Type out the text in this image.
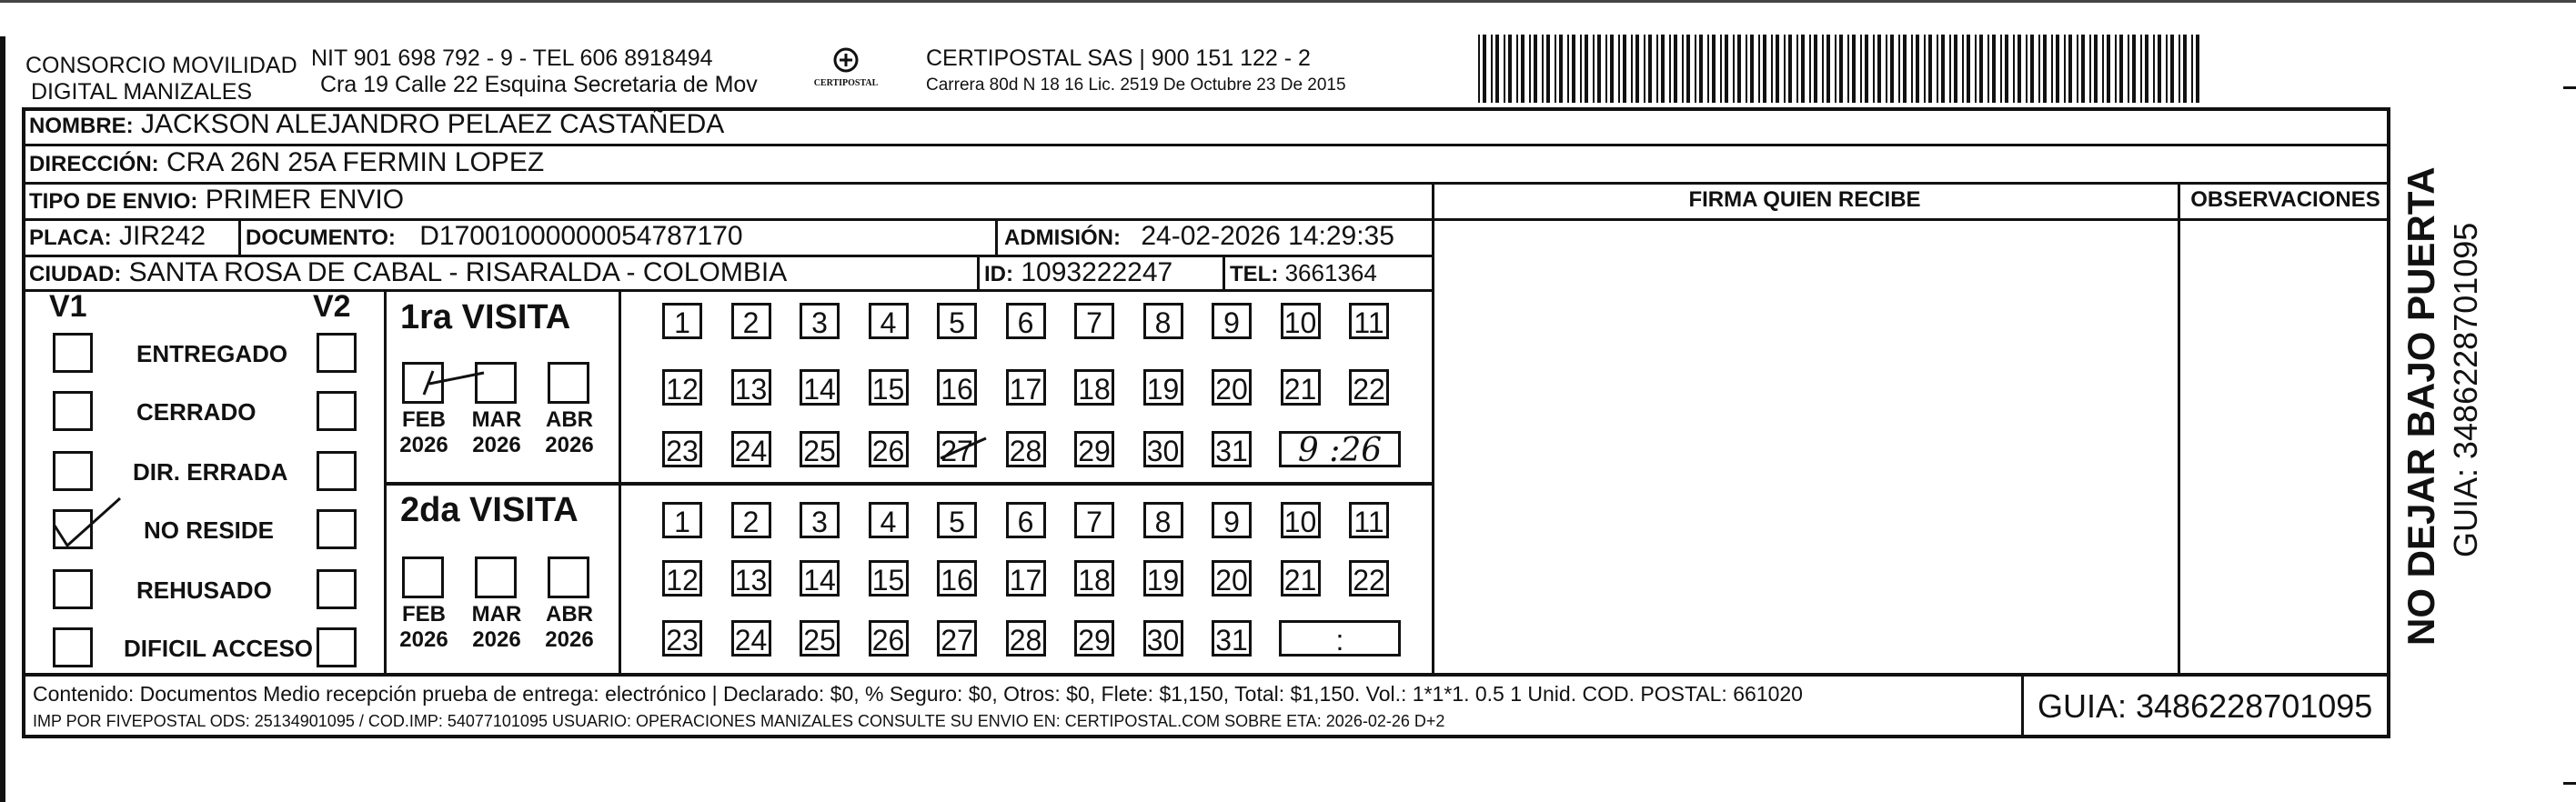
CONSORCIO MOVILIDAD
DIGITAL MANIZALES
NIT 901 698 792 - 9 - TEL 606 8918494
Cra 19 Calle 22 Esquina Secretaria de Mov	CERTIPOSTAL
CERTIPOSTAL SAS | 900 151 122 - 2
Carrera 80d N 18 16 Lic. 2519 De Octubre 23 De 2015
NOMBRE: JACKSON ALEJANDRO PELAEZ CASTAÑEDA
DIRECCIÓN: CRA 26N 25A FERMIN LOPEZ
TIPO DE ENVIO: PRIMER ENVIO	FIRMA QUIEN RECIBE	OBSERVACIONES
PLACA: JIR242 DOCUMENTO: D17001000000054787170	ADMISIÓN: 24-02-2026 14:29:35
CIUDAD: SANTA ROSA DE CABAL - RISARALDA - COLOMBIA	ID: 1093222247	TEL: 3661364
V1	V2
ENTREGADO
CERRADO
DIR. ERRADA
NO RESIDE
REHUSADO
DIFICIL ACCESO
1ra VISITA
2da VISITA
FEB
2026
MAR
2026
ABR
2026
FEB
2026
MAR
2026
ABR
2026
1	2	3	4	5	6	7	8	9	10 11
12 13 14 15 16 17 18 19 20 21 22
23 24 25 26 27 28 29 30 31	9 :26
1	2	3	4	5	6	7	8	9	10 11
12 13 14 15 16 17 18 19 20 21 22
23 24 25 26 27 28 29 30 31	:
Contenido: Documentos Medio recepción prueba de entrega: electrónico | Declarado: $0, % Seguro: $0, Otros: $0, Flete: $1,150, Total: $1,150. Vol.: 1*1*1. 0.5 1 Unid. COD. POSTAL: 661020
IMP POR FIVEPOSTAL ODS: 25134901095 / COD.IMP: 54077101095 USUARIO: OPERACIONES MANIZALES CONSULTE SU ENVIO EN: CERTIPOSTAL.COM SOBRE ETA: 2026-02-26 D+2	GUIA: 3486228701095
NO DEJAR BAJO PUERTA GUIA: 3486228701095
